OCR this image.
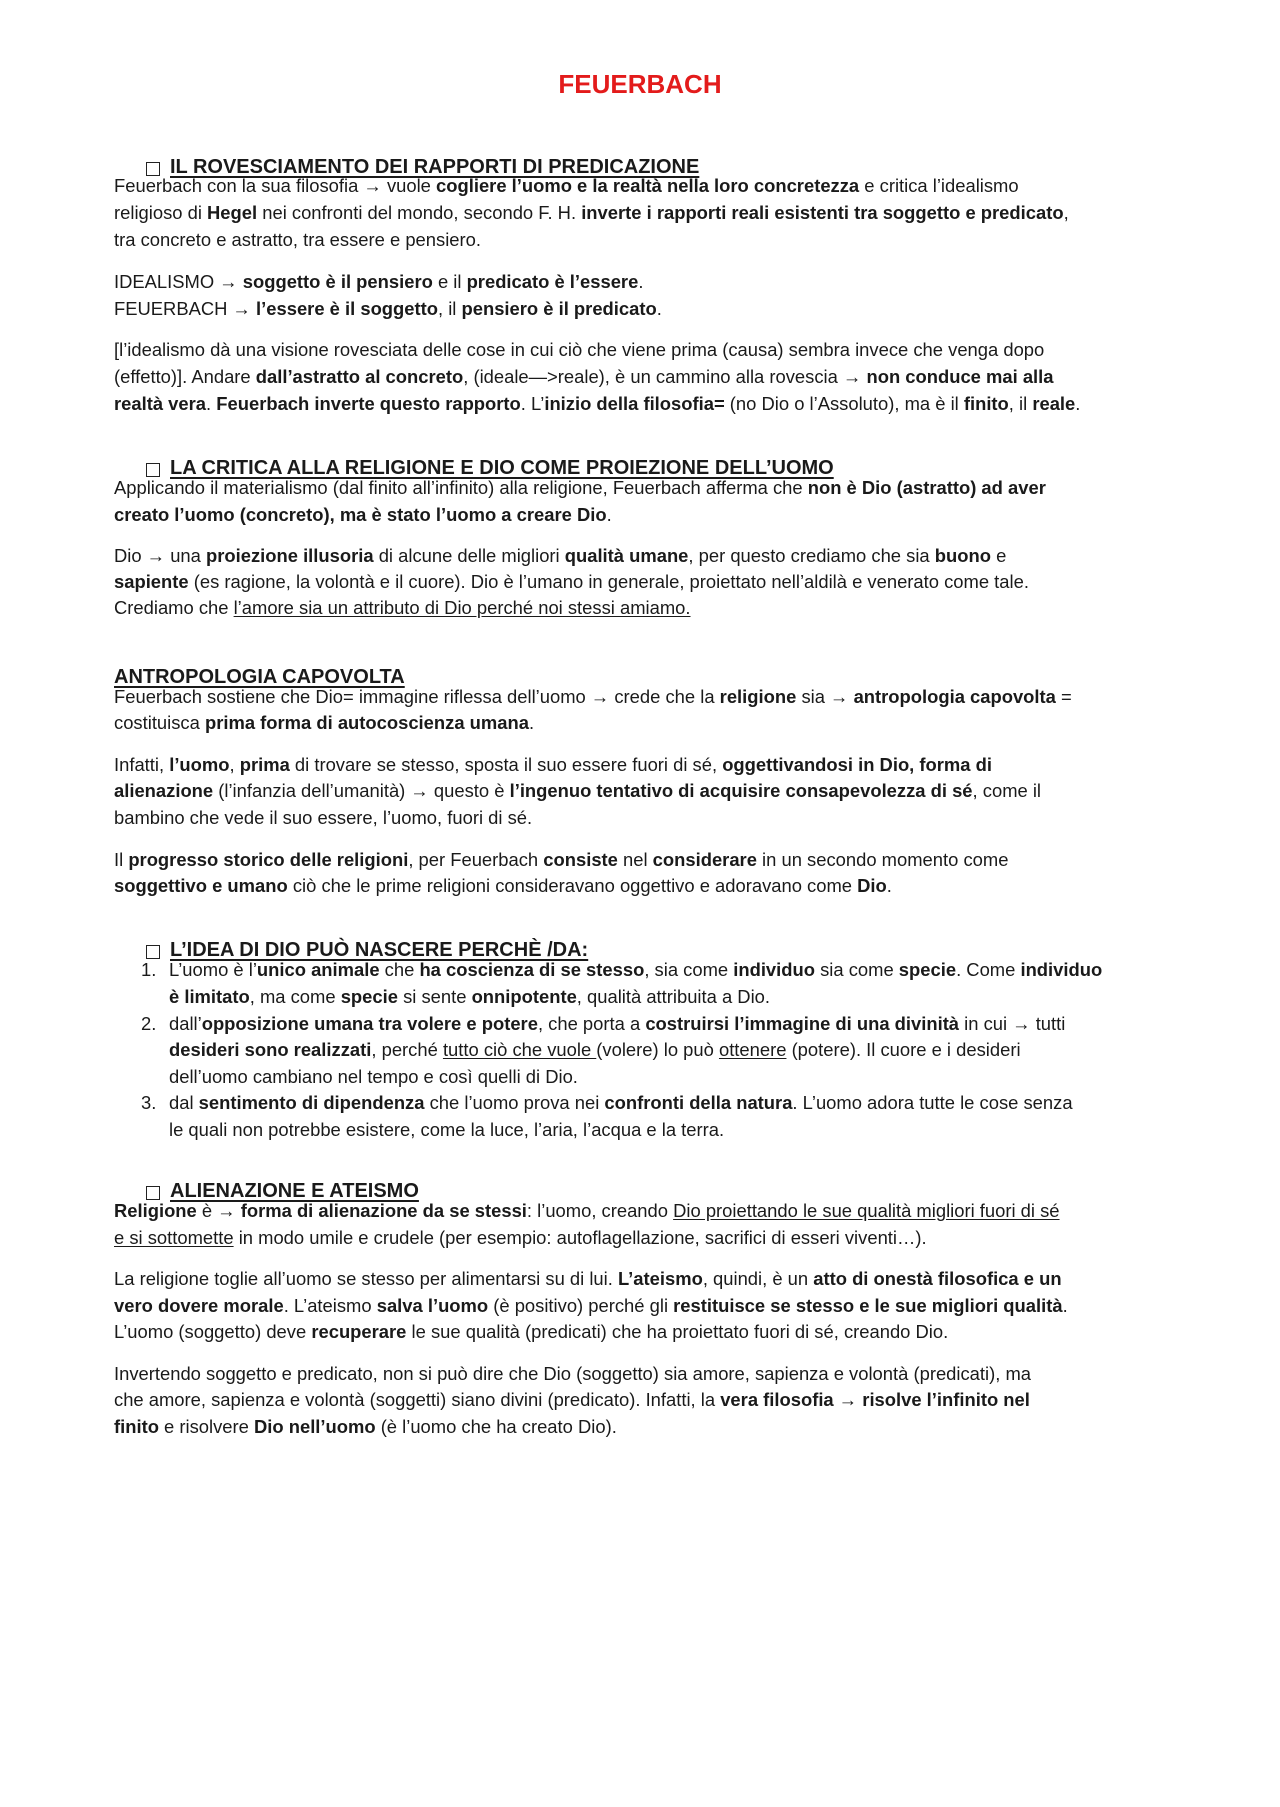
FEUERBACH
IL ROVESCIAMENTO DEI RAPPORTI DI PREDICAZIONE
Feuerbach con la sua filosofia → vuole cogliere l’uomo e la realtà nella loro concretezza e critica l’idealismo
religioso di Hegel nei confronti del mondo, secondo F. H. inverte i rapporti reali esistenti tra soggetto e predicato,
tra concreto e astratto, tra essere e pensiero.
IDEALISMO → soggetto è il pensiero e il predicato è l’essere.
FEUERBACH → l’essere è il soggetto, il pensiero è il predicato.
[l’idealismo dà una visione rovesciata delle cose in cui ciò che viene prima (causa) sembra invece che venga dopo
(effetto)]. Andare dall’astratto al concreto, (ideale—>reale), è un cammino alla rovescia → non conduce mai alla
realtà vera. Feuerbach inverte questo rapporto. L’inizio della filosofia= (no Dio o l’Assoluto), ma è il finito, il reale.
LA CRITICA ALLA RELIGIONE E DIO COME PROIEZIONE DELL’UOMO
Applicando il materialismo (dal finito all’infinito) alla religione, Feuerbach afferma che non è Dio (astratto) ad aver
creato l’uomo (concreto), ma è stato l’uomo a creare Dio.
Dio → una proiezione illusoria di alcune delle migliori qualità umane, per questo crediamo che sia buono e
sapiente (es ragione, la volontà e il cuore). Dio è l’umano in generale, proiettato nell’aldilà e venerato come tale.
Crediamo che l’amore sia un attributo di Dio perché noi stessi amiamo.
ANTROPOLOGIA CAPOVOLTA
Feuerbach sostiene che Dio= immagine riflessa dell’uomo → crede che la religione sia → antropologia capovolta =
costituisca prima forma di autocoscienza umana.
Infatti, l’uomo, prima di trovare se stesso, sposta il suo essere fuori di sé, oggettivandosi in Dio, forma di
alienazione (l’infanzia dell’umanità) → questo è l’ingenuo tentativo di acquisire consapevolezza di sé, come il
bambino che vede il suo essere, l’uomo, fuori di sé.
Il progresso storico delle religioni, per Feuerbach consiste nel considerare in un secondo momento come
soggettivo e umano ciò che le prime religioni consideravano oggettivo e adoravano come Dio.
L’IDEA DI DIO PUÒ NASCERE PERCHÈ /DA:
1. L’uomo è l’unico animale che ha coscienza di se stesso, sia come individuo sia come specie. Come individuo
è limitato, ma come specie si sente onnipotente, qualità attribuita a Dio.
2. dall’opposizione umana tra volere e potere, che porta a costruirsi l’immagine di una divinità in cui → tutti
desideri sono realizzati, perché tutto ciò che vuole (volere) lo può ottenere (potere). Il cuore e i desideri
dell’uomo cambiano nel tempo e così quelli di Dio.
3. dal sentimento di dipendenza che l’uomo prova nei confronti della natura. L’uomo adora tutte le cose senza
le quali non potrebbe esistere, come la luce, l’aria, l’acqua e la terra.
ALIENAZIONE E ATEISMO
Religione è → forma di alienazione da se stessi: l’uomo, creando Dio proiettando le sue qualità migliori fuori di sé
e si sottomette in modo umile e crudele (per esempio: autoflagellazione, sacrifici di esseri viventi…).
La religione toglie all’uomo se stesso per alimentarsi su di lui. L’ateismo, quindi, è un atto di onestà filosofica e un
vero dovere morale. L’ateismo salva l’uomo (è positivo) perché gli restituisce se stesso e le sue migliori qualità.
L’uomo (soggetto) deve recuperare le sue qualità (predicati) che ha proiettato fuori di sé, creando Dio.
Invertendo soggetto e predicato, non si può dire che Dio (soggetto) sia amore, sapienza e volontà (predicati), ma
che amore, sapienza e volontà (soggetti) siano divini (predicato). Infatti, la vera filosofia → risolve l’infinito nel
finito e risolvere Dio nell’uomo (è l’uomo che ha creato Dio).
